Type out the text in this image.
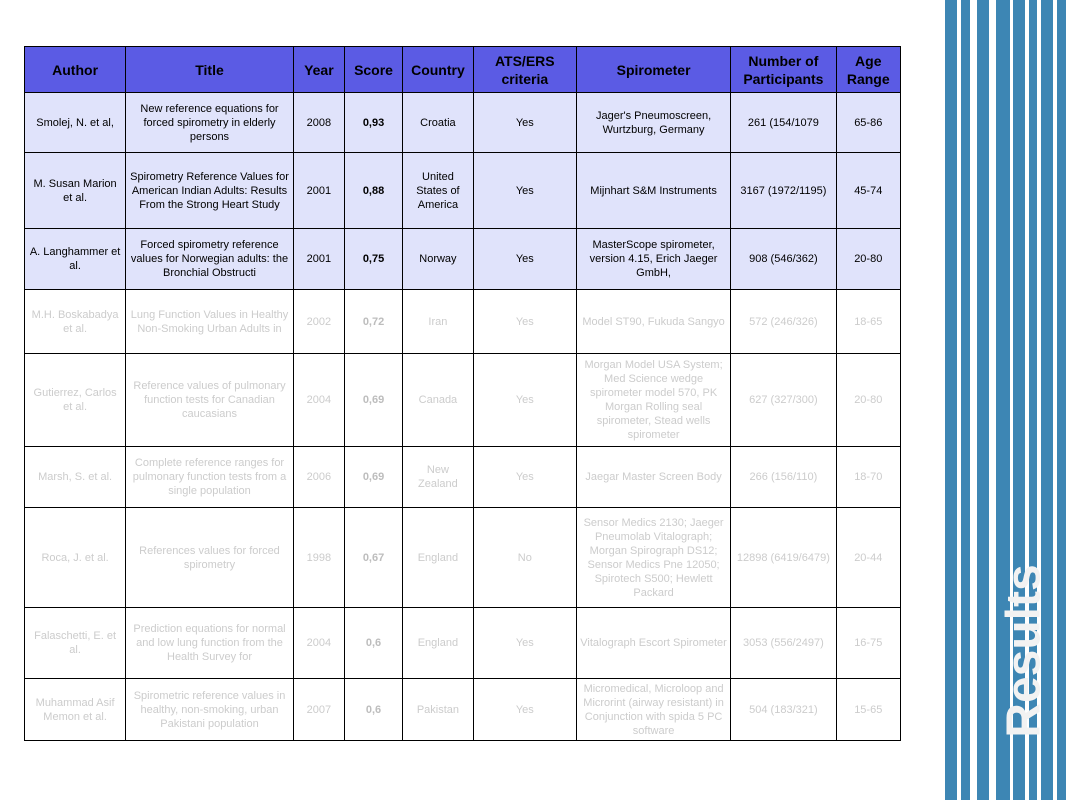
Results
Author	Title	Year	Score	Country	ATS/ERS criteria	Spirometer	Number of Participants	Age Range
Smolej, N. et al,	New reference equations for forced spirometry in elderly persons	2008	0,93	Croatia	Yes	Jager's Pneumoscreen, Wurtzburg, Germany	261 (154/1079	65-86
M. Susan Marion et al.	Spirometry Reference Values for American Indian Adults: Results From the Strong Heart Study	2001	0,88	United States of America	Yes	Mijnhart S&M Instruments	3167 (1972/1195)	45-74
A. Langhammer et al.	Forced spirometry reference values for Norwegian adults: the Bronchial Obstructi	2001	0,75	Norway	Yes	MasterScope spirometer, version 4.15, Erich Jaeger GmbH,	908 (546/362)	20-80
M.H. Boskabadya et al.	Lung Function Values in Healthy Non-Smoking Urban Adults in	2002	0,72	Iran	Yes	Model ST90, Fukuda Sangyo	572 (246/326)	18-65
Gutierrez, Carlos et al.	Reference values of pulmonary function tests for Canadian caucasians	2004	0,69	Canada	Yes	Morgan Model USA System; Med Science wedge spirometer model 570, PK Morgan Rolling seal spirometer, Stead wells spirometer	627 (327/300)	20-80
Marsh, S. et al.	Complete reference ranges for pulmonary function tests from a single population	2006	0,69	New Zealand	Yes	Jaegar Master Screen Body	266 (156/110)	18-70
Roca, J. et al.	References values for forced spirometry	1998	0,67	England	No	Sensor Medics 2130; Jaeger Pneumolab Vitalograph; Morgan Spirograph DS12; Sensor Medics Pne 12050; Spirotech S500; Hewlett Packard	12898 (6419/6479)	20-44
Falaschetti, E. et al.	Prediction equations for normal and low lung function from the Health Survey for	2004	0,6	England	Yes	Vitalograph Escort Spirometer	3053 (556/2497)	16-75
Muhammad Asif Memon et al.	Spirometric reference values in healthy, non-smoking, urban Pakistani population	2007	0,6	Pakistan	Yes	Micromedical, Microloop and Microrint (airway resistant) in Conjunction with spida 5 PC software	504 (183/321)	15-65
